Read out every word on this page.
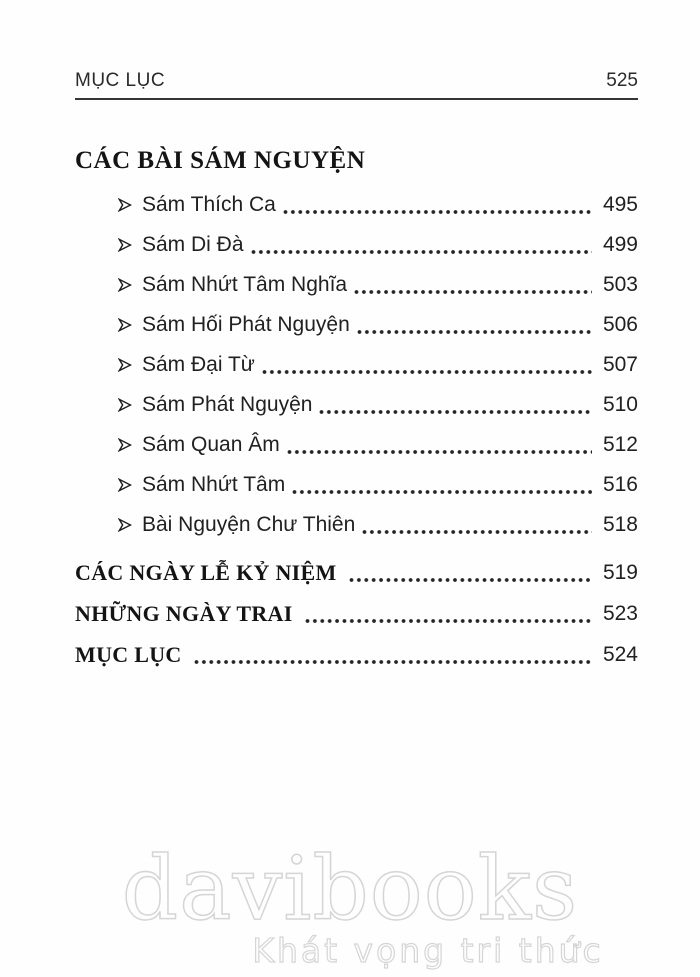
MỤC LỤC	525
CÁC BÀI SÁM NGUYỆN
Sám Thích Ca	495
Sám Di Đà	499
Sám Nhứt Tâm Nghĩa	503
Sám Hối Phát Nguyện	506
Sám Đại Từ	507
Sám Phát Nguyện	510
Sám Quan Âm	512
Sám Nhứt Tâm	516
Bài Nguyện Chư Thiên	518
CÁC NGÀY LỄ KỶ NIỆM	519
NHỮNG NGÀY TRAI	523
MỤC LỤC	524
davibooks
Khát vọng tri thức
